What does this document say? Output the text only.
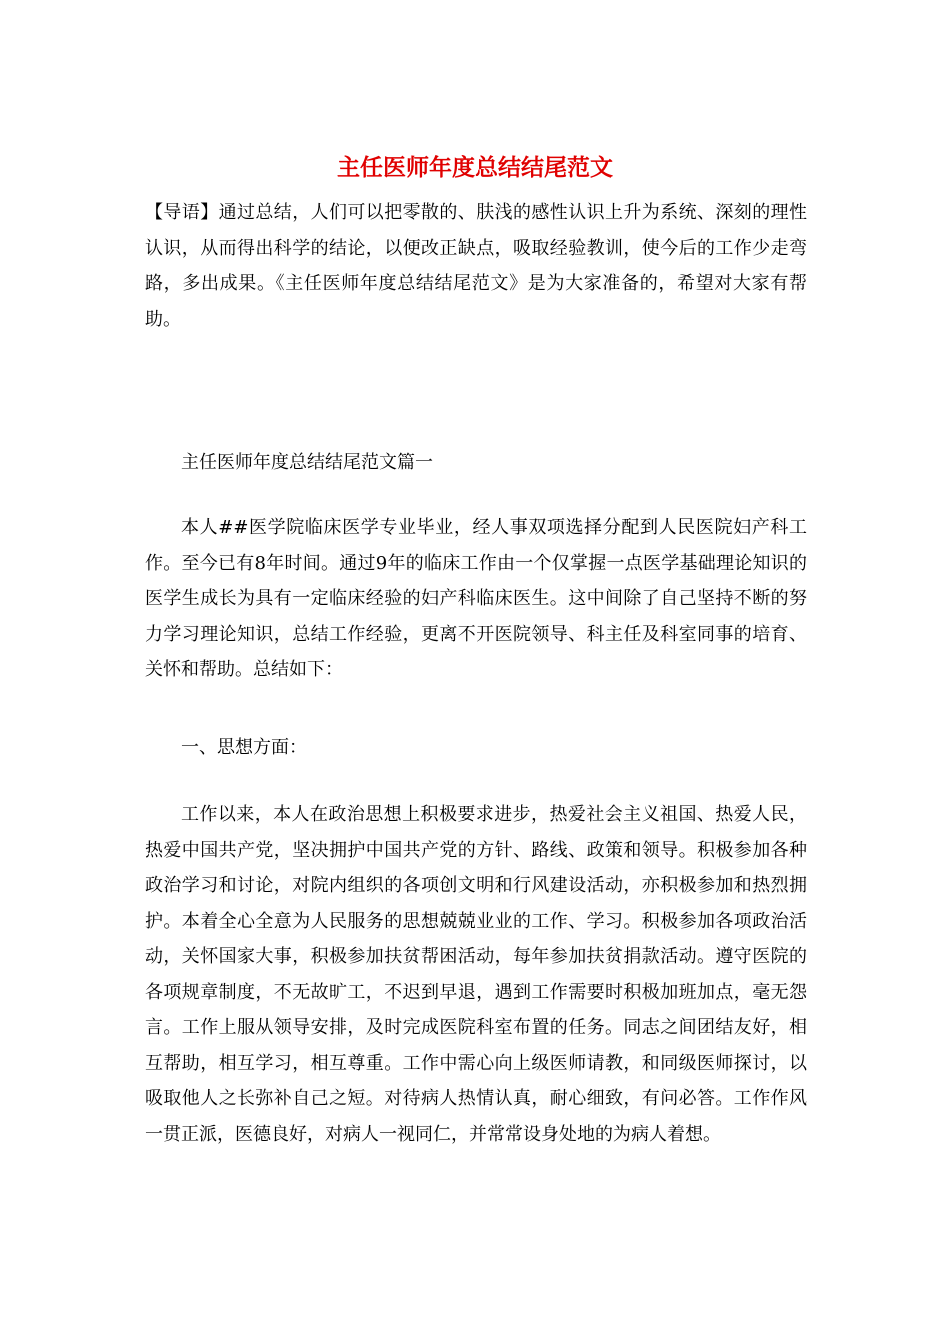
主任医师年度总结结尾范文

【导语】通过总结，人们可以把零散的、肤浅的感性认识上升为系统、深刻的理性认识，从而得出科学的结论，以便改正缺点，吸取经验教训，使今后的工作少走弯路，多出成果。《主任医师年度总结结尾范文》是为大家准备的，希望对大家有帮助。

主任医师年度总结结尾范文篇一

本人##医学院临床医学专业毕业，经人事双项选择分配到人民医院妇产科工作。至今已有8年时间。通过9年的临床工作由一个仅掌握一点医学基础理论知识的医学生成长为具有一定临床经验的妇产科临床医生。这中间除了自己坚持不断的努力学习理论知识，总结工作经验，更离不开医院领导、科主任及科室同事的培育、关怀和帮助。总结如下：

一、思想方面：

工作以来，本人在政治思想上积极要求进步，热爱社会主义祖国、热爱人民，热爱中国共产党，坚决拥护中国共产党的方针、路线、政策和领导。积极参加各种政治学习和讨论，对院内组织的各项创文明和行风建设活动，亦积极参加和热烈拥护。本着全心全意为人民服务的思想兢兢业业的工作、学习。积极参加各项政治活动，关怀国家大事，积极参加扶贫帮困活动，每年参加扶贫捐款活动。遵守医院的各项规章制度，不无故旷工，不迟到早退，遇到工作需要时积极加班加点，毫无怨言。工作上服从领导安排，及时完成医院科室布置的任务。同志之间团结友好，相互帮助，相互学习，相互尊重。工作中需心向上级医师请教，和同级医师探讨，以吸取他人之长弥补自己之短。对待病人热情认真，耐心细致，有问必答。工作作风一贯正派，医德良好，对病人一视同仁，并常常设身处地的为病人着想。
